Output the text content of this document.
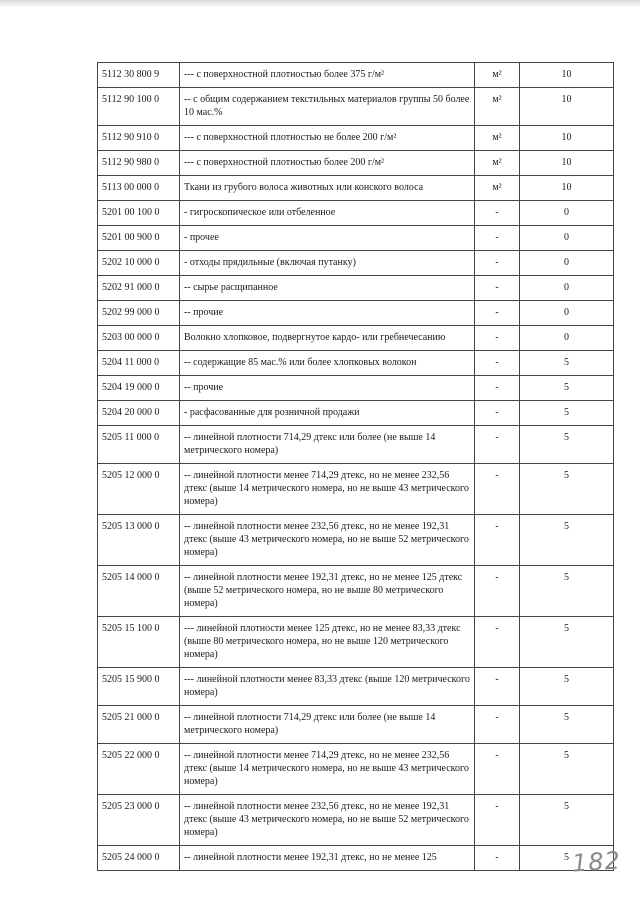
5112 30 800 9	--- с поверхностной плотностью более 375 г/м²	м²	10
5112 90 100 0	-- с общим содержанием текстильных материалов группы 50 более 10 мас.%	м²	10
5112 90 910 0	--- с поверхностной плотностью не более 200 г/м²	м²	10
5112 90 980 0	--- с поверхностной плотностью более 200 г/м²	м²	10
5113 00 000 0	Ткани из грубого волоса животных или конского волоса	м²	10
5201 00 100 0	- гигроскопическое или отбеленное	-	0
5201 00 900 0	- прочее	-	0
5202 10 000 0	- отходы прядильные (включая путанку)	-	0
5202 91 000 0	-- сырье расщипанное	-	0
5202 99 000 0	-- прочие	-	0
5203 00 000 0	Волокно хлопковое, подвергнутое кардо- или гребнечесанию	-	0
5204 11 000 0	-- содержащие 85 мас.% или более хлопковых волокон	-	5
5204 19 000 0	-- прочие	-	5
5204 20 000 0	- расфасованные для розничной продажи	-	5
5205 11 000 0	-- линейной плотности 714,29 дтекс или более (не выше 14 метрического номера)	-	5
5205 12 000 0	-- линейной плотности менее 714,29 дтекс, но не менее 232,56 дтекс (выше 14 метрического номера, но не выше 43 метрического номера)	-	5
5205 13 000 0	-- линейной плотности менее 232,56 дтекс, но не менее 192,31 дтекс (выше 43 метрического номера, но не выше 52 метрического номера)	-	5
5205 14 000 0	-- линейной плотности менее 192,31 дтекс, но не менее 125 дтекс (выше 52 метрического номера, но не выше 80 метрического номера)	-	5
5205 15 100 0	--- линейной плотности менее 125 дтекс, но не менее 83,33 дтекс (выше 80 метрического номера, но не выше 120 метрического номера)	-	5
5205 15 900 0	--- линейной плотности менее 83,33 дтекс (выше 120 метрического номера)	-	5
5205 21 000 0	-- линейной плотности 714,29 дтекс или более (не выше 14 метрического номера)	-	5
5205 22 000 0	-- линейной плотности менее 714,29 дтекс, но не менее 232,56 дтекс (выше 14 метрического номера, но не выше 43 метрического номера)	-	5
5205 23 000 0	-- линейной плотности менее 232,56 дтекс, но не менее 192,31 дтекс (выше 43 метрического номера, но не выше 52 метрического номера)	-	5
5205 24 000 0	-- линейной плотности менее 192,31 дтекс, но не менее 125	-	5 182
